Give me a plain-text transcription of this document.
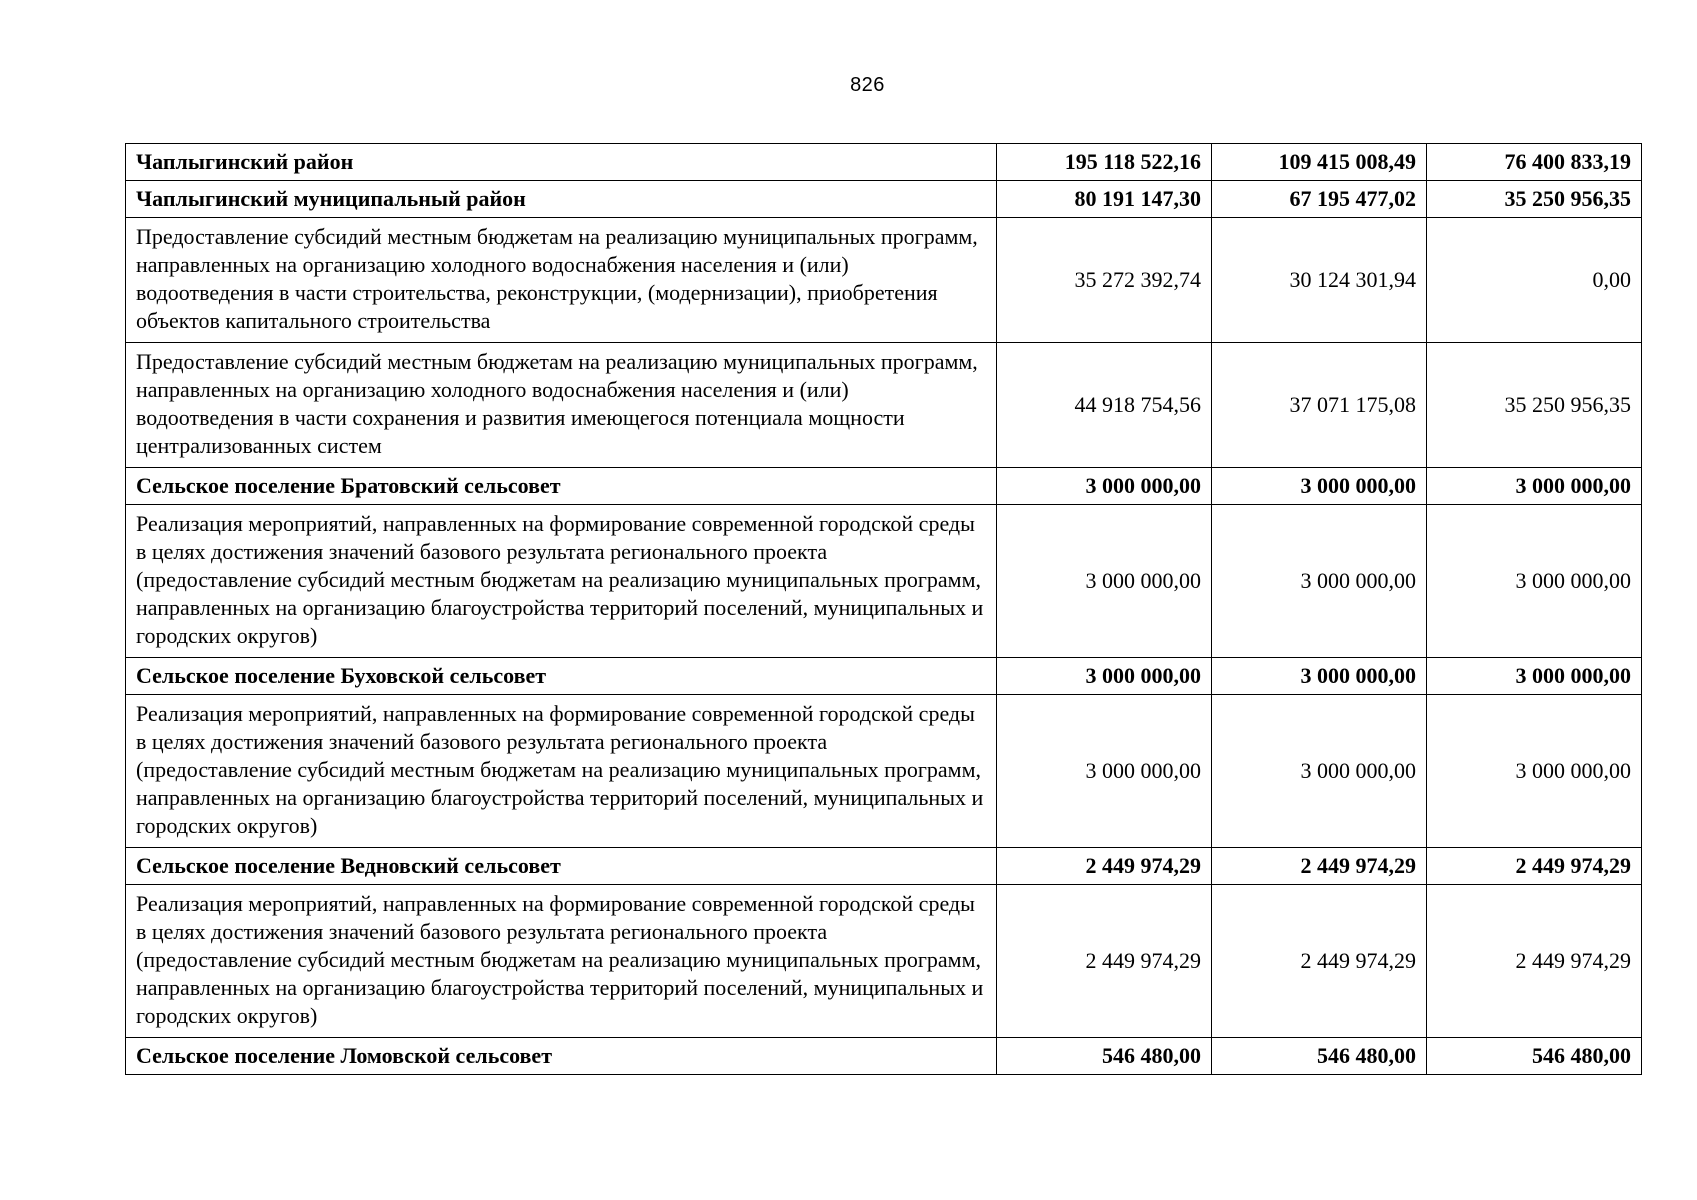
826
Чаплыгинский район	195 118 522,16	109 415 008,49	76 400 833,19
Чаплыгинский муниципальный район	80 191 147,30	67 195 477,02	35 250 956,35
Предоставление субсидий местным бюджетам на реализацию муниципальных программ, направленных на организацию холодного водоснабжения населения и (или) водоотведения в части строительства, реконструкции, (модернизации), приобретения объектов капитального строительства	35 272 392,74	30 124 301,94	0,00
Предоставление субсидий местным бюджетам на реализацию муниципальных программ, направленных на организацию холодного водоснабжения населения и (или) водоотведения в части сохранения и развития имеющегося потенциала мощности централизованных систем	44 918 754,56	37 071 175,08	35 250 956,35
Сельское поселение Братовский сельсовет	3 000 000,00	3 000 000,00	3 000 000,00
Реализация мероприятий, направленных на формирование современной городской среды в целях достижения значений базового результата регионального проекта (предоставление субсидий местным бюджетам на реализацию муниципальных программ, направленных на организацию благоустройства территорий поселений, муниципальных и городских округов)	3 000 000,00	3 000 000,00	3 000 000,00
Сельское поселение Буховской сельсовет	3 000 000,00	3 000 000,00	3 000 000,00
Реализация мероприятий, направленных на формирование современной городской среды в целях достижения значений базового результата регионального проекта (предоставление субсидий местным бюджетам на реализацию муниципальных программ, направленных на организацию благоустройства территорий поселений, муниципальных и городских округов)	3 000 000,00	3 000 000,00	3 000 000,00
Сельское поселение Ведновский сельсовет	2 449 974,29	2 449 974,29	2 449 974,29
Реализация мероприятий, направленных на формирование современной городской среды в целях достижения значений базового результата регионального проекта (предоставление субсидий местным бюджетам на реализацию муниципальных программ, направленных на организацию благоустройства территорий поселений, муниципальных и городских округов)	2 449 974,29	2 449 974,29	2 449 974,29
Сельское поселение Ломовской сельсовет	546 480,00	546 480,00	546 480,00
